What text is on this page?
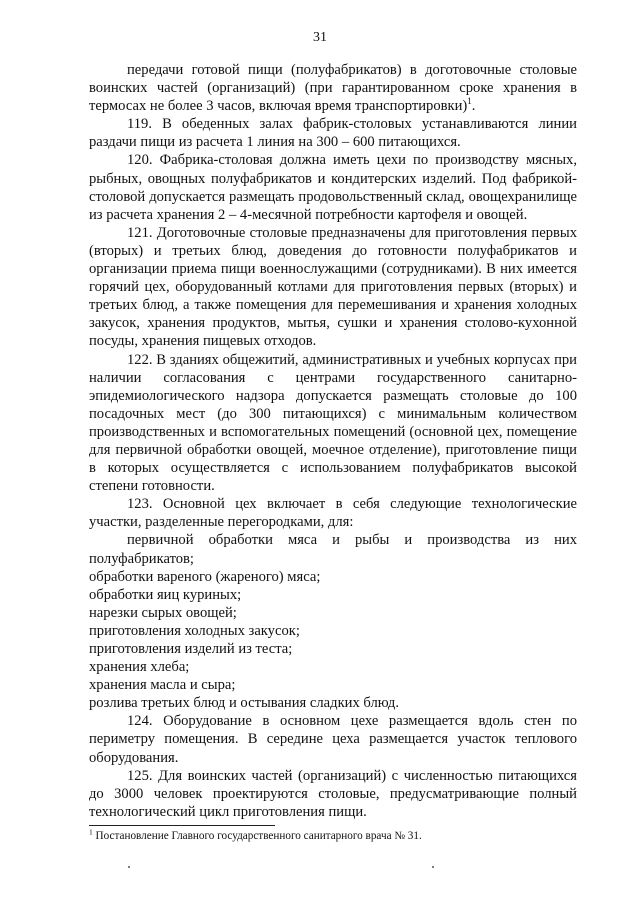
31

передачи готовой пищи (полуфабрикатов) в доготовочные столовые воинских частей (организаций) (при гарантированном сроке хранения в термосах не более 3 часов, включая время транспортировки)$^1$.

119. В обеденных залах фабрик-столовых устанавливаются линии раздачи пищи из расчета 1 линия на 300 – 600 питающихся.

120. Фабрика-столовая должна иметь цехи по производству мясных, рыбных, овощных полуфабрикатов и кондитерских изделий. Под фабрикой-столовой допускается размещать продовольственный склад, овощехранилище из расчета хранения 2 – 4-месячной потребности картофеля и овощей.

121. Доготовочные столовые предназначены для приготовления первых (вторых) и третьих блюд, доведения до готовности полуфабрикатов и организации приема пищи военнослужащими (сотрудниками). В них имеется горячий цех, оборудованный котлами для приготовления первых (вторых) и третьих блюд, а также помещения для перемешивания и хранения холодных закусок, хранения продуктов, мытья, сушки и хранения столово-кухонной посуды, хранения пищевых отходов.

122. В зданиях общежитий, административных и учебных корпусах при наличии согласования с центрами государственного санитарно-эпидемиологического надзора допускается размещать столовые до 100 посадочных мест (до 300 питающихся) с минимальным количеством производственных и вспомогательных помещений (основной цех, помещение для первичной обработки овощей, моечное отделение), приготовление пищи в которых осуществляется с использованием полуфабрикатов высокой степени готовности.

123. Основной цех включает в себя следующие технологические участки, разделенные перегородками, для:

первичной обработки мяса и рыбы и производства из них полуфабрикатов;

обработки вареного (жареного) мяса;

обработки яиц куриных;

нарезки сырых овощей;

приготовления холодных закусок;

приготовления изделий из теста;

хранения хлеба;

хранения масла и сыра;

розлива третьих блюд и остывания сладких блюд.

124. Оборудование в основном цехе размещается вдоль стен по периметру помещения. В середине цеха размещается участок теплового оборудования.

125. Для воинских частей (организаций) с численностью питающихся до 3000 человек проектируются столовые, предусматривающие полный технологический цикл приготовления пищи.

$^1$ Постановление Главного государственного санитарного врача № 31.
